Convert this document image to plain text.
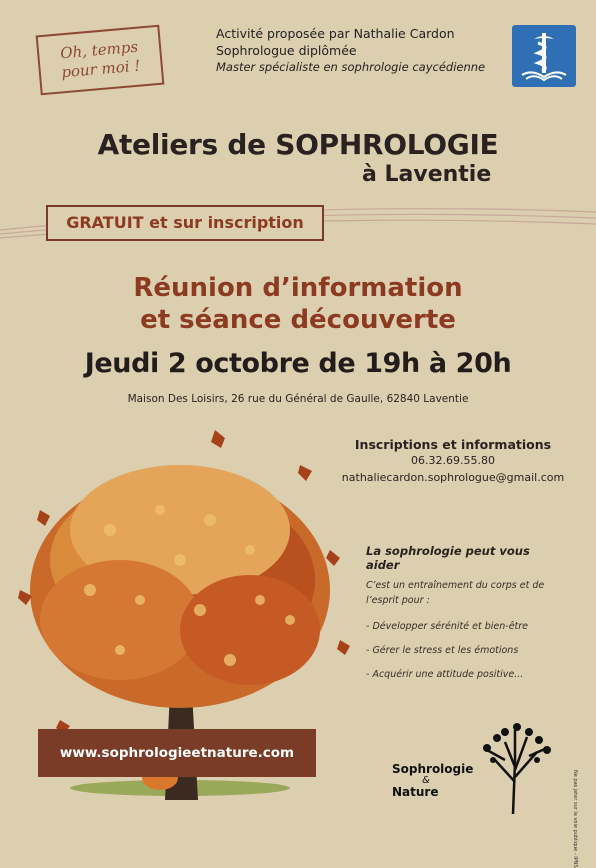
Oh, temps
pour moi !
Activité proposée par Nathalie Cardon
Sophrologue diplômée
Master spécialiste en sophrologie caycédienne
Ateliers de SOPHROLOGIE
à Laventie
GRATUIT et sur inscription
Réunion d’information
et séance découverte
Jeudi 2 octobre de 19h à 20h
Maison Des Loisirs, 26 rue du Général de Gaulle, 62840 Laventie
Inscriptions et informations
06.32.69.55.80
nathaliecardon.sophrologue@gmail.com
La sophrologie peut vous aider
C’est un entraînement du corps et de l’esprit pour :
- Développer sérénité et bien-être
- Gérer le stress et les émotions
- Acquérir une attitude positive...
www.sophrologieetnature.com
Sophrologie
&
Nature	Ne pas jeter sur la voie publique - IPNS
